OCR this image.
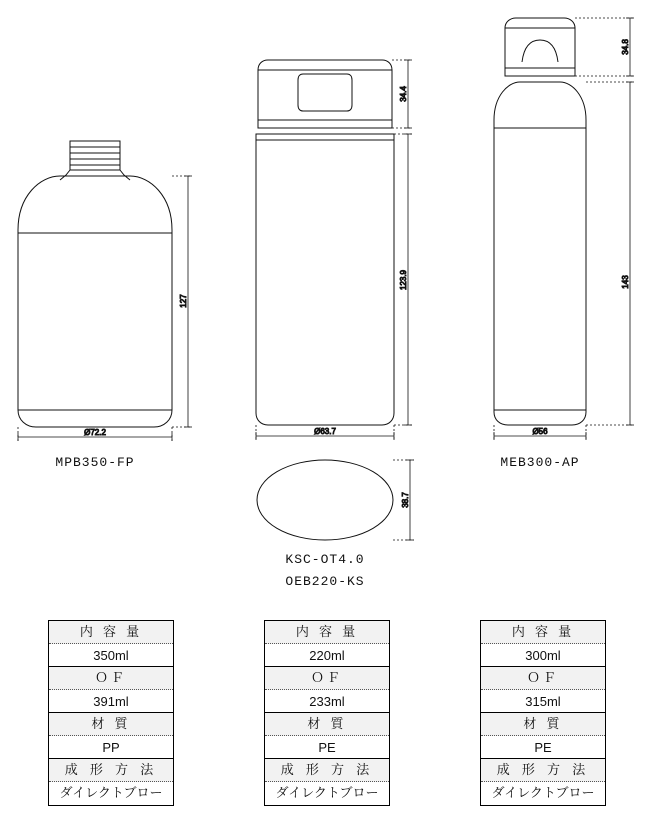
127
Ø72.2
34.4
123.9
Ø63.7
38.7
34.8
143
Ø56
MPB350-FP
KSC-OT4.0
OEB220-KS
MEB300-AP
内 容 量
350ml
ＯＦ
391ml
材 質
PP
成 形 方 法
ダイレクトブロー
内 容 量
220ml
ＯＦ
233ml
材 質
PE
成 形 方 法
ダイレクトブロー
内 容 量
300ml
ＯＦ
315ml
材 質
PE
成 形 方 法
ダイレクトブロー
